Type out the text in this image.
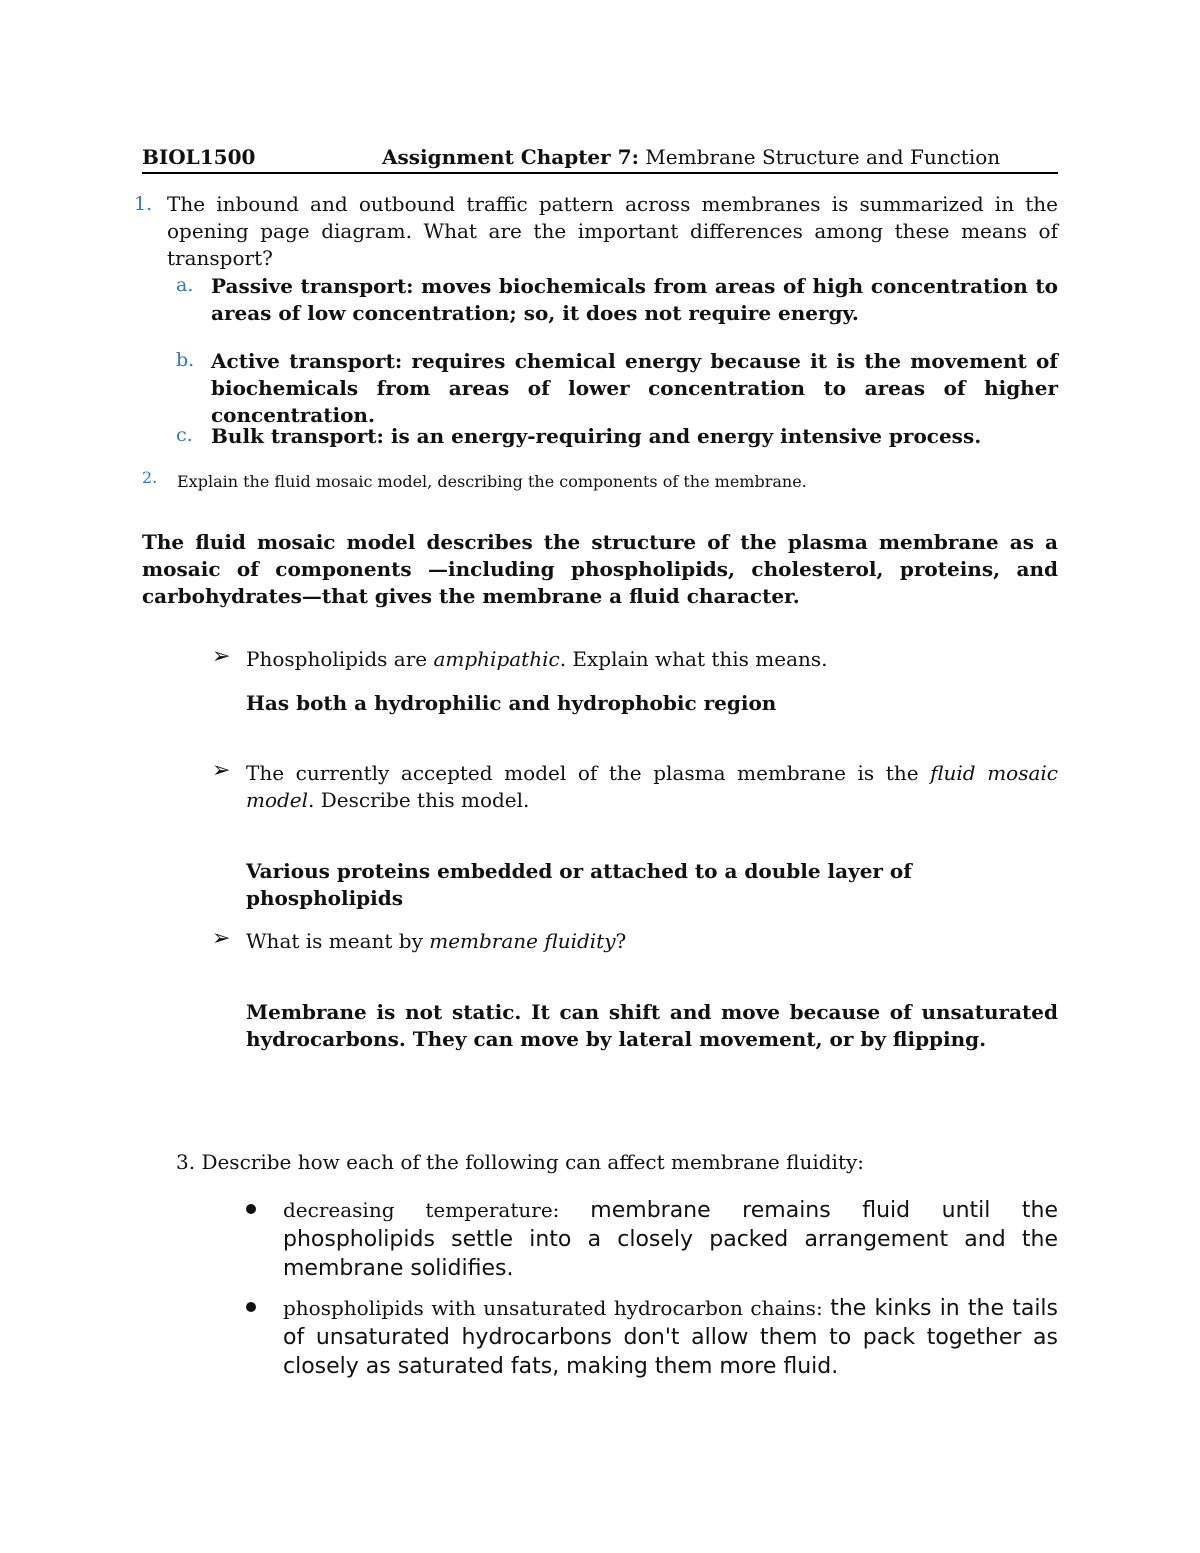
BIOL1500	Assignment Chapter 7: Membrane Structure and Function
1. The inbound and outbound traffic pattern across membranes is summarized in the opening page diagram. What are the important differences among these means of transport?
a. Passive transport: moves biochemicals from areas of high concentration to areas of low concentration; so, it does not require energy.
b. Active transport: requires chemical energy because it is the movement of biochemicals from areas of lower concentration to areas of higher concentration.
c. Bulk transport: is an energy-requiring and energy intensive process.
2. Explain the fluid mosaic model, describing the components of the membrane.
The fluid mosaic model describes the structure of the plasma membrane as a mosaic of components —including phospholipids, cholesterol, proteins, and carbohydrates—that gives the membrane a fluid character.
➢ Phospholipids are amphipathic. Explain what this means.
Has both a hydrophilic and hydrophobic region
➢ The currently accepted model of the plasma membrane is the fluid mosaic model. Describe this model.
Various proteins embedded or attached to a double layer of phospholipids
➢ What is meant by membrane fluidity?
Membrane is not static. It can shift and move because of unsaturated hydrocarbons. They can move by lateral movement, or by flipping.
3. Describe how each of the following can affect membrane fluidity:
decreasing temperature: membrane remains fluid until the phospholipids settle into a closely packed arrangement and the membrane solidifies.
phospholipids with unsaturated hydrocarbon chains: the kinks in the tails of unsaturated hydrocarbons don't allow them to pack together as closely as saturated fats, making them more fluid.
